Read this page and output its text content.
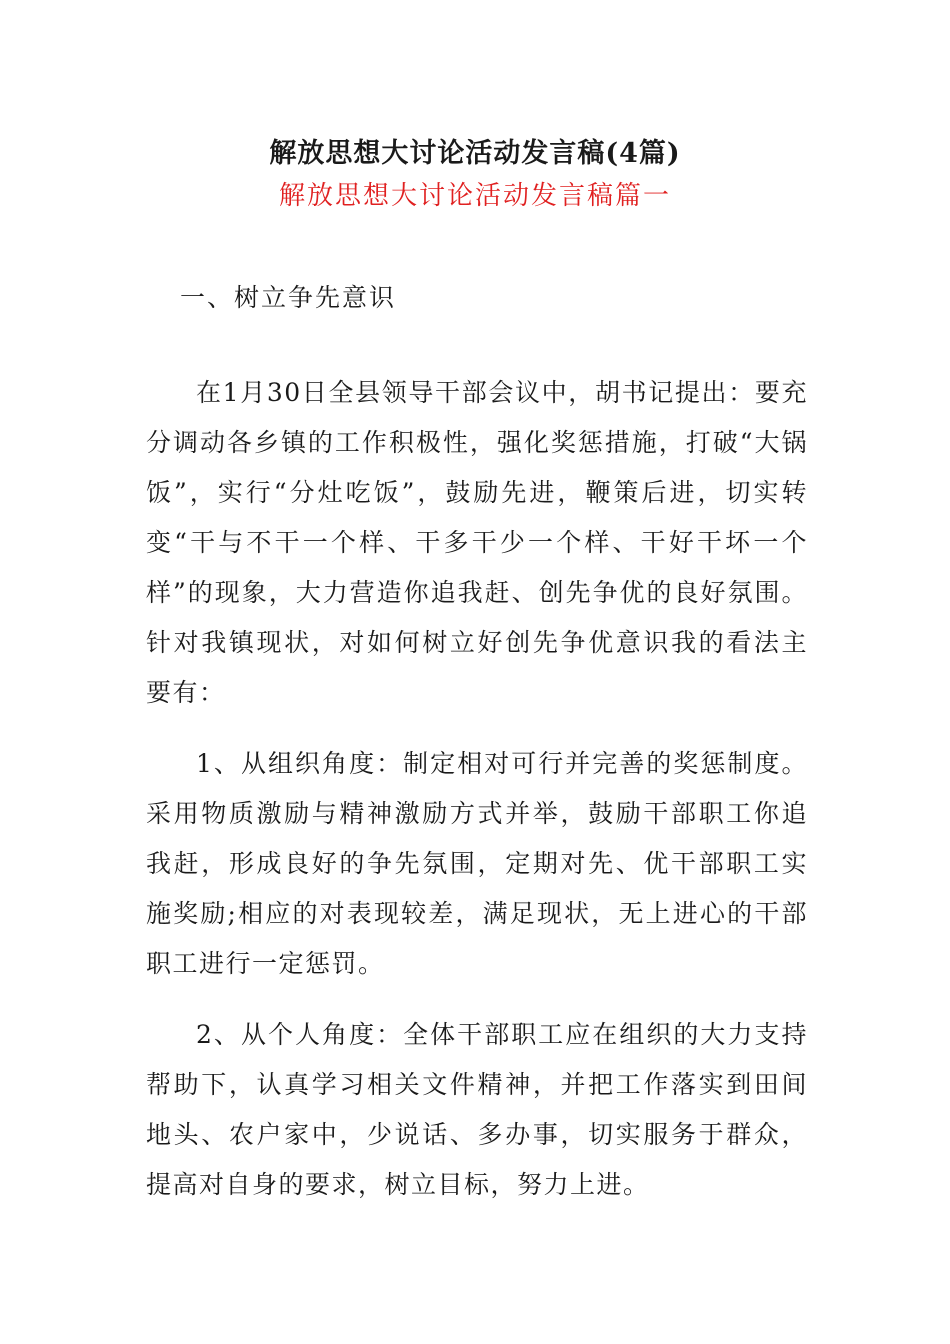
解放思想大讨论活动发言稿(4篇)
解放思想大讨论活动发言稿篇一
一、树立争先意识

在1月30日全县领导干部会议中，胡书记提出：要充分调动各乡镇的工作积极性，强化奖惩措施，打破“大锅饭”，实行“分灶吃饭”，鼓励先进，鞭策后进，切实转变“干与不干一个样、干多干少一个样、干好干坏一个样”的现象，大力营造你追我赶、创先争优的良好氛围。针对我镇现状，对如何树立好创先争优意识我的看法主要有：

1、从组织角度：制定相对可行并完善的奖惩制度。采用物质激励与精神激励方式并举，鼓励干部职工你追我赶，形成良好的争先氛围，定期对先、优干部职工实施奖励;相应的对表现较差，满足现状，无上进心的干部职工进行一定惩罚。

2、从个人角度：全体干部职工应在组织的大力支持帮助下，认真学习相关文件精神，并把工作落实到田间地头、农户家中，少说话、多办事，切实服务于群众，提高对自身的要求，树立目标，努力上进。
